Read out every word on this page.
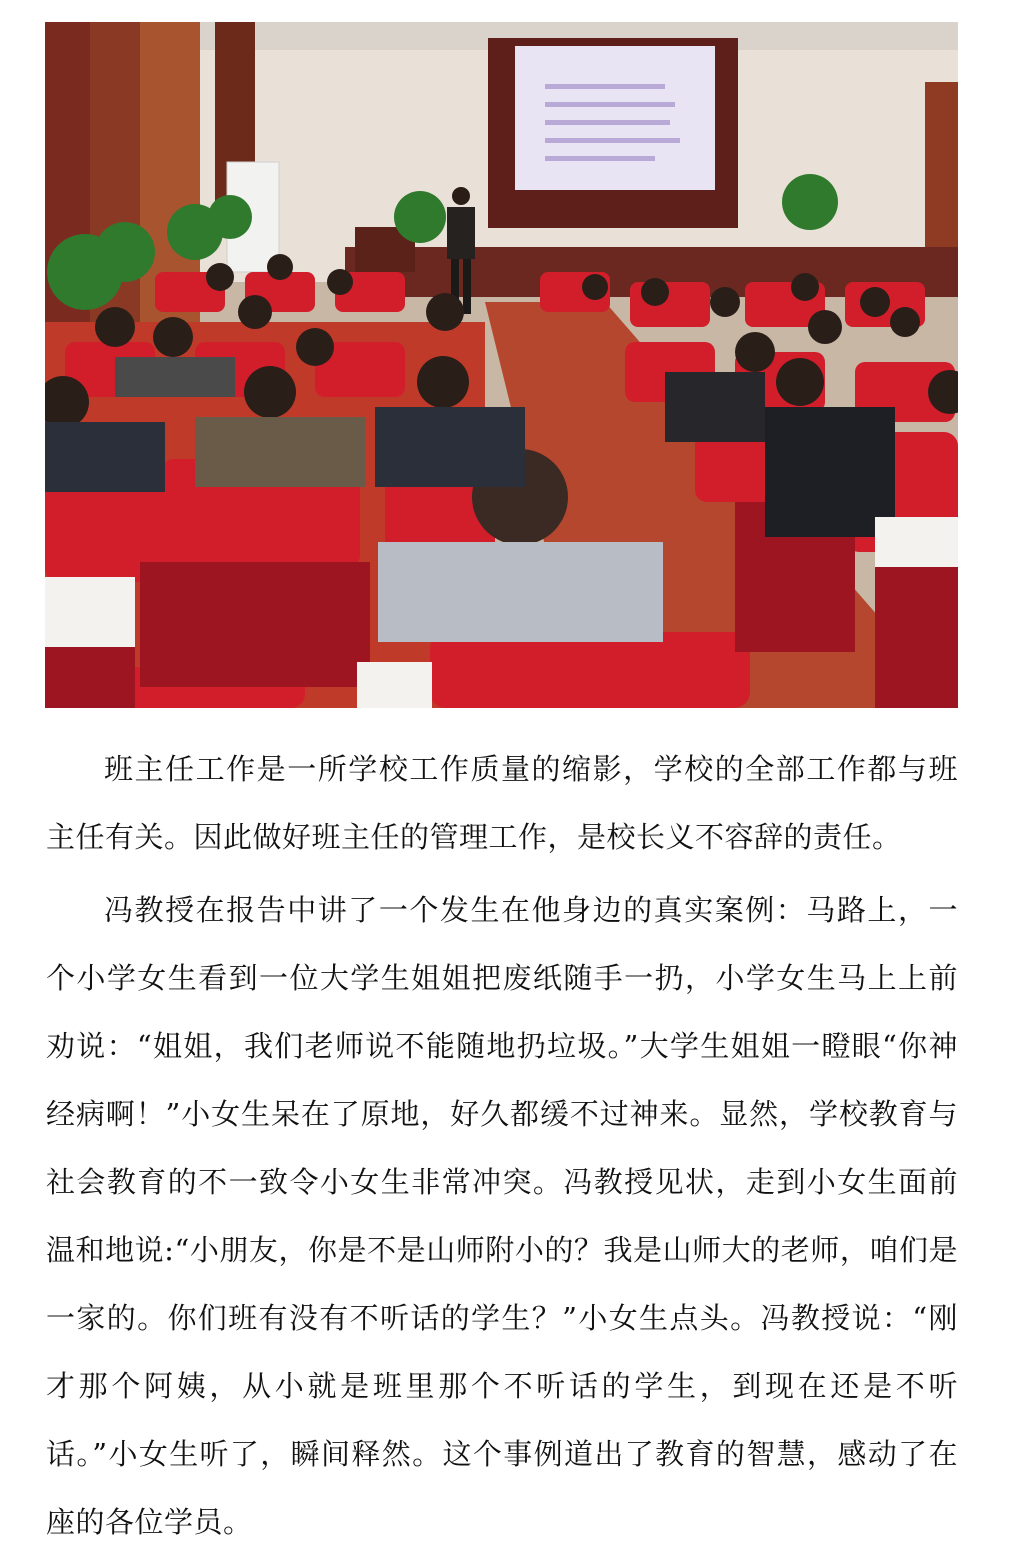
班主任工作是一所学校工作质量的缩影，学校的全部工作都与班主任有关。因此做好班主任的管理工作，是校长义不容辞的责任。

冯教授在报告中讲了一个发生在他身边的真实案例：马路上，一个小学女生看到一位大学生姐姐把废纸随手一扔，小学女生马上上前劝说：“姐姐，我们老师说不能随地扔垃圾。”大学生姐姐一瞪眼“你神经病啊！”小女生呆在了原地，好久都缓不过神来。显然，学校教育与社会教育的不一致令小女生非常冲突。冯教授见状，走到小女生面前温和地说:“小朋友，你是不是山师附小的？我是山师大的老师，咱们是一家的。你们班有没有不听话的学生？”小女生点头。冯教授说：“刚才那个阿姨，从小就是班里那个不听话的学生，到现在还是不听话。”小女生听了，瞬间释然。这个事例道出了教育的智慧，感动了在座的各位学员。
